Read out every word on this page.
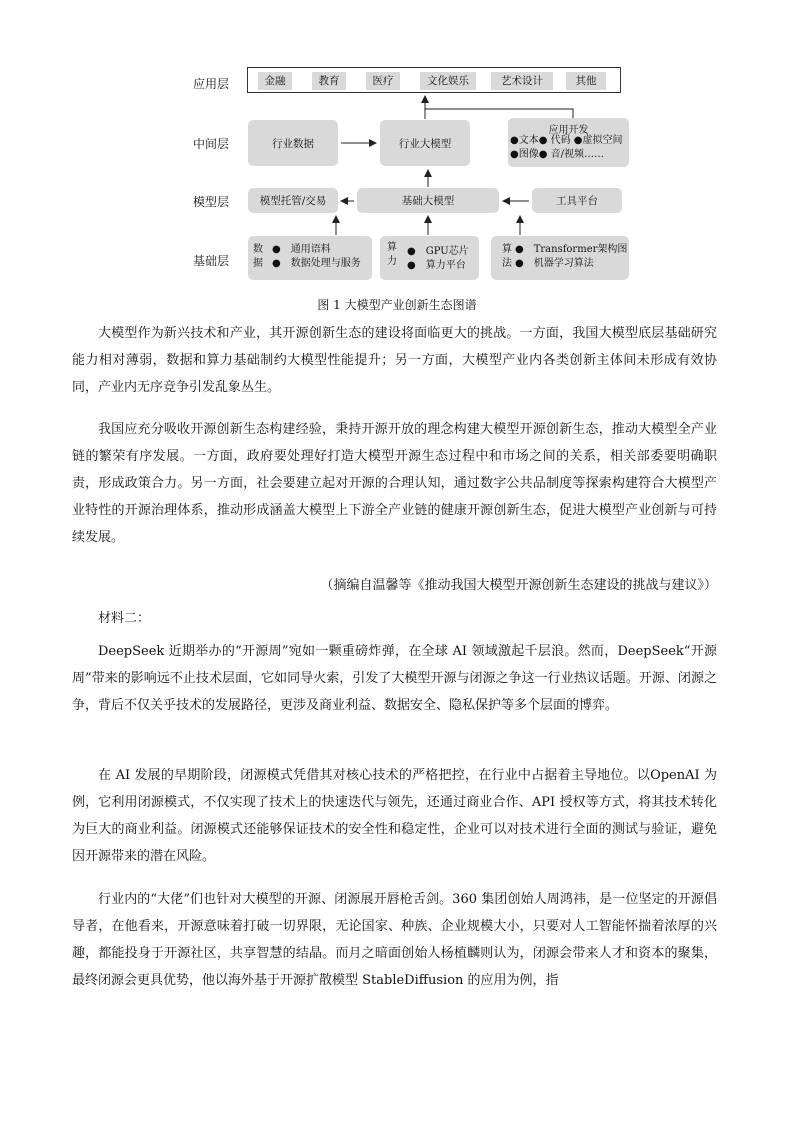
应用层
中间层
模型层
基础层
金融	教育	医疗	文化娱乐	艺术设计	其他
行业数据	行业大模型
应用开发
●文本● 代码 ●虚拟空间
●图像● 音/视频……
模型托管/交易	基础大模型	工具平台
数
据
●　通用语料
●　数据处理与服务
算
力
●　GPU芯片
●　算力平台
算
法
●　Transformer架构图
●　机器学习算法
图 1 大模型产业创新生态图谱

大模型作为新兴技术和产业，其开源创新生态的建设将面临更大的挑战。一方面，我国大模型底层基础研究能力相对薄弱，数据和算力基础制约大模型性能提升；另一方面，大模型产业内各类创新主体间未形成有效协同，产业内无序竞争引发乱象丛生。

我国应充分吸收开源创新生态构建经验，秉持开源开放的理念构建大模型开源创新生态，推动大模型全产业链的繁荣有序发展。一方面，政府要处理好打造大模型开源生态过程中和市场之间的关系，相关部委要明确职责，形成政策合力。另一方面，社会要建立起对开源的合理认知，通过数字公共品制度等探索构建符合大模型产业特性的开源治理体系，推动形成涵盖大模型上下游全产业链的健康开源创新生态，促进大模型产业创新与可持续发展。

（摘编自温馨等《推动我国大模型开源创新生态建设的挑战与建议》）

材料二：

DeepSeek 近期举办的“开源周”宛如一颗重磅炸弹，在全球 AI 领域激起千层浪。然而，DeepSeek“开源周”带来的影响远不止技术层面，它如同导火索，引发了大模型开源与闭源之争这一行业热议话题。开源、闭源之争，背后不仅关乎技术的发展路径，更涉及商业利益、数据安全、隐私保护等多个层面的博弈。

在 AI 发展的早期阶段，闭源模式凭借其对核心技术的严格把控，在行业中占据着主导地位。以OpenAI 为例，它利用闭源模式，不仅实现了技术上的快速迭代与领先，还通过商业合作、API 授权等方式，将其技术转化为巨大的商业利益。闭源模式还能够保证技术的安全性和稳定性，企业可以对技术进行全面的测试与验证，避免因开源带来的潜在风险。

行业内的“大佬”们也针对大模型的开源、闭源展开唇枪舌剑。360 集团创始人周鸿祎，是一位坚定的开源倡导者，在他看来，开源意味着打破一切界限，无论国家、种族、企业规模大小，只要对人工智能怀揣着浓厚的兴趣，都能投身于开源社区，共享智慧的结晶。而月之暗面创始人杨植麟则认为，闭源会带来人才和资本的聚集，最终闭源会更具优势，他以海外基于开源扩散模型 StableDiffusion 的应用为例，指
